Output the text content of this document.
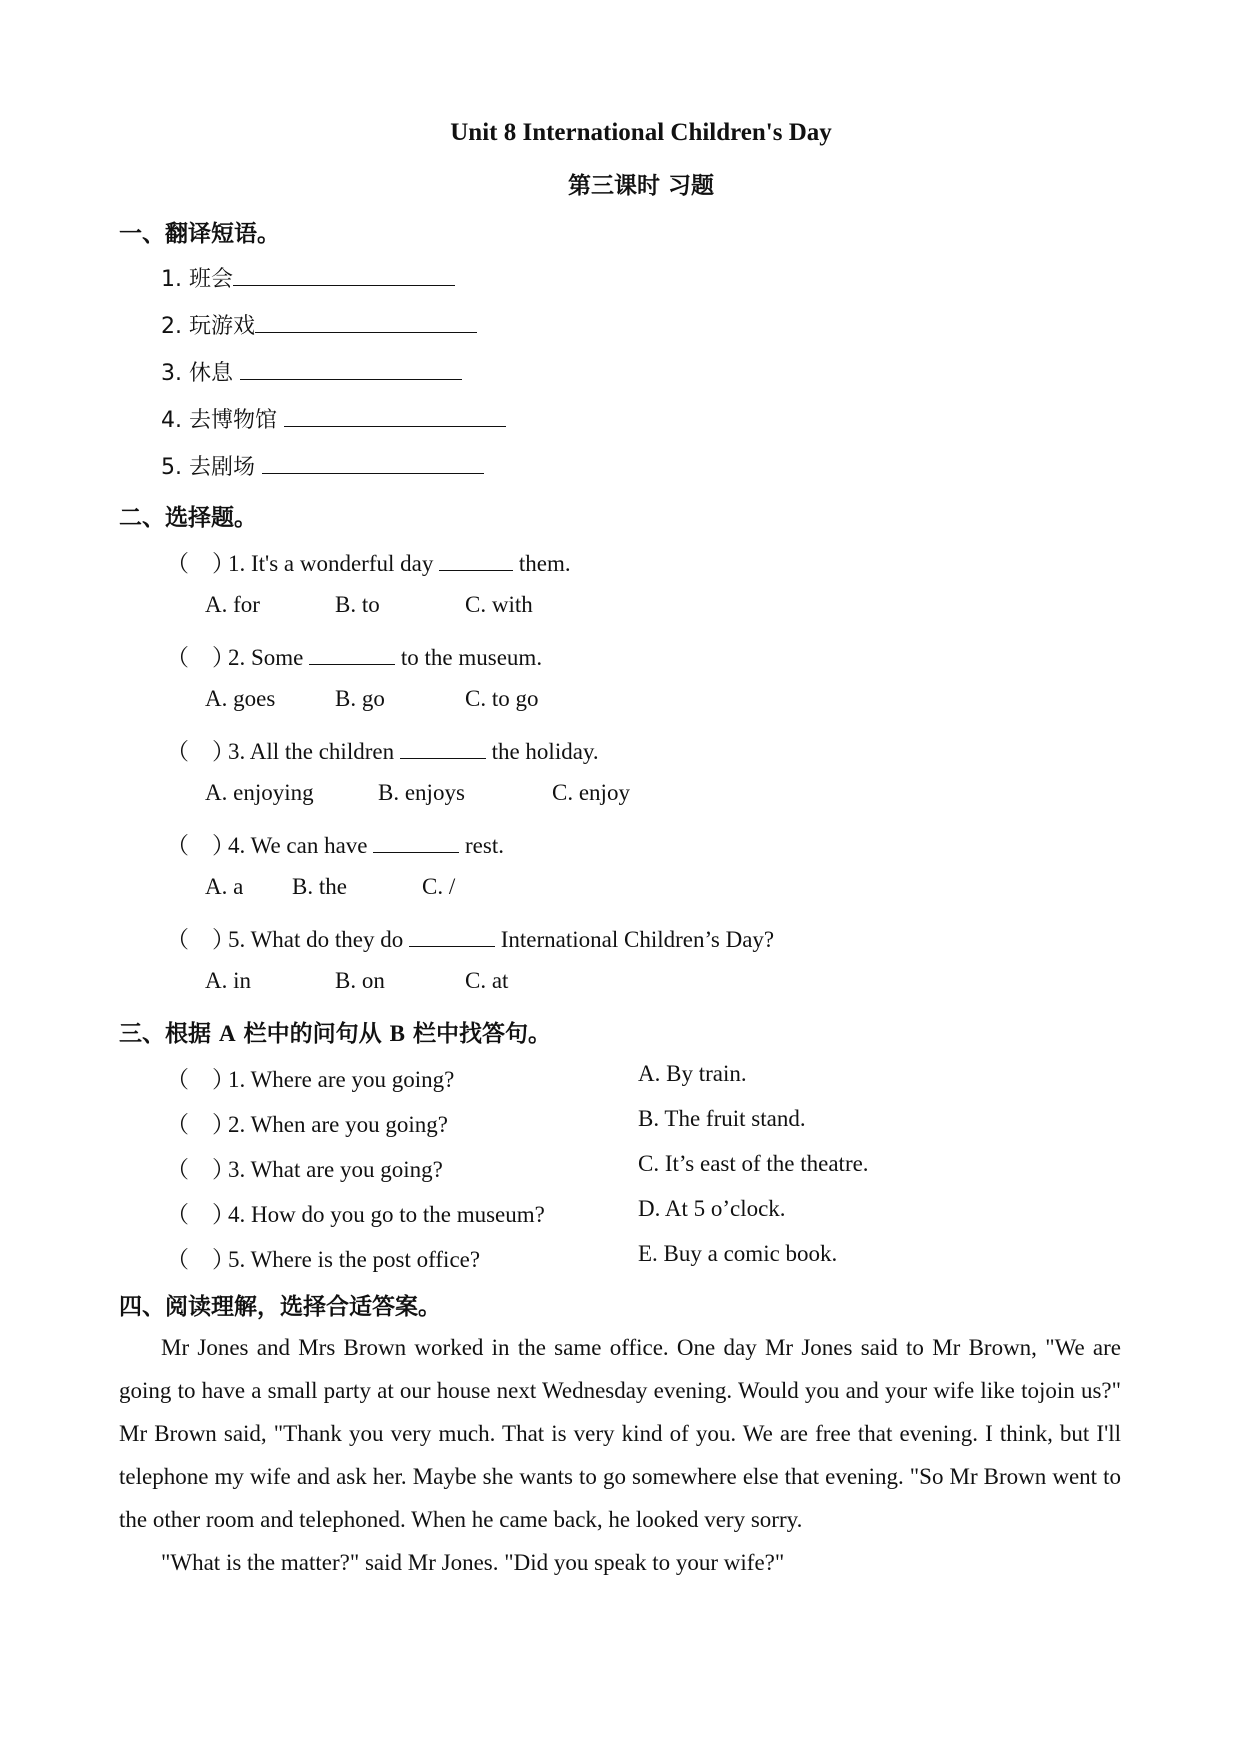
Unit 8 International Children's Day
第三课时 习题
一、翻译短语。
1. 班会
2. 玩游戏
3. 休息
4. 去博物馆
5. 去剧场
二、选择题。
（　）1. It's a wonderful day	them.
A. for	B. to	C. with
（　）2. Some	to the museum.
A. goes	B. go	C. to go
（　）3. All the children	the holiday.
A. enjoying	B. enjoys	C. enjoy
（　）4. We can have	rest.
A. a B. the	C. /
（　）5. What do they do	International Children’s Day?
A. in	B. on	C. at
三、根据 A 栏中的问句从 B 栏中找答句。
（　）1. Where are you going?	A. By train.
（　）2. When are you going?	B. The fruit stand.
（　）3. What are you going?	C. It’s east of the theatre.
（　）4. How do you go to the museum?	D. At 5 o’clock.
（　）5. Where is the post office?	E. Buy a comic book.
四、阅读理解，选择合适答案。

Mr Jones and Mrs Brown worked in the same office. One day Mr Jones said to Mr Brown, "We are going to have a small party at our house next Wednesday evening. Would you and your wife like tojoin us?" Mr Brown said, "Thank you very much. That is very kind of you. We are free that evening. I think, but I'll telephone my wife and ask her. Maybe she wants to go somewhere else that evening. "So Mr Brown went to the other room and telephoned. When he came back, he looked very sorry.

"What is the matter?" said Mr Jones. "Did you speak to your wife?"
